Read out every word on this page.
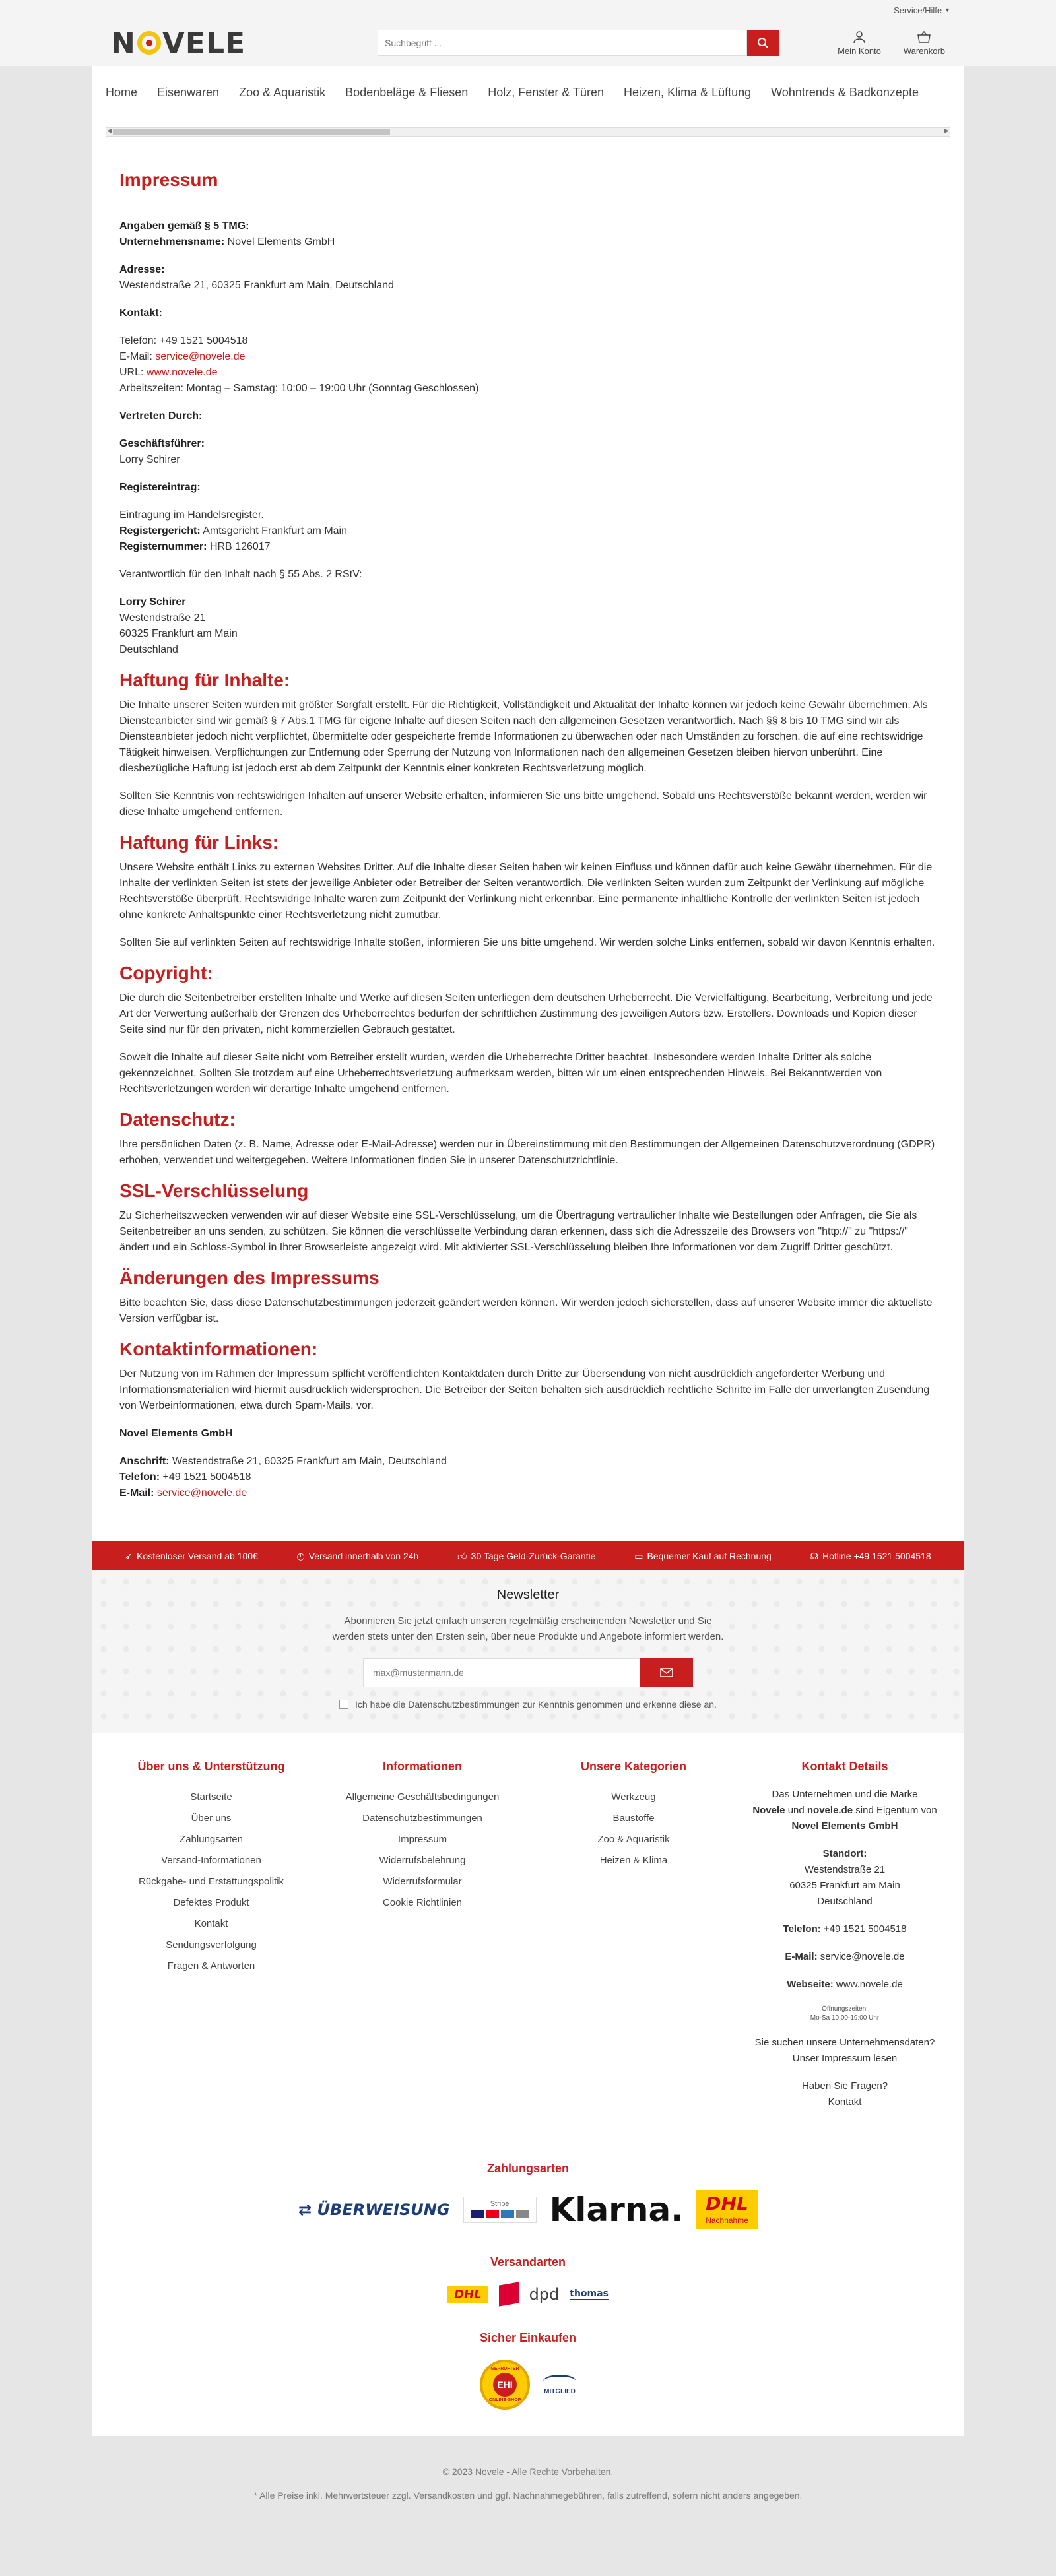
Service/Hilfe ▼
N VELE
Suchbegriff ...	Mein Konto	Warenkorb
Home Eisenwaren Zoo & Aquaristik Bodenbeläge & Fliesen Holz, Fenster & Türen Heizen, Klima & Lüftung Wohntrends & Badkonzepte
◀	▶
Impressum

Angaben gemäß § 5 TMG:
Unternehmensname: Novel Elements GmbH

Adresse:
Westendstraße 21, 60325 Frankfurt am Main, Deutschland

Kontakt:

Telefon: +49 1521 5004518
E-Mail: service@novele.de
URL: www.novele.de
Arbeitszeiten: Montag – Samstag: 10:00 – 19:00 Uhr (Sonntag Geschlossen)

Vertreten Durch:

Geschäftsführer:
Lorry Schirer

Registereintrag:

Eintragung im Handelsregister.
Registergericht: Amtsgericht Frankfurt am Main
Registernummer: HRB 126017

Verantwortlich für den Inhalt nach § 55 Abs. 2 RStV:

Lorry Schirer
Westendstraße 21
60325 Frankfurt am Main
Deutschland

Haftung für Inhalte:

Die Inhalte unserer Seiten wurden mit größter Sorgfalt erstellt. Für die Richtigkeit, Vollständigkeit und Aktualität der Inhalte können wir jedoch keine Gewähr übernehmen. Als Diensteanbieter sind wir gemäß § 7 Abs.1 TMG für eigene Inhalte auf diesen Seiten nach den allgemeinen Gesetzen verantwortlich. Nach §§ 8 bis 10 TMG sind wir als Diensteanbieter jedoch nicht verpflichtet, übermittelte oder gespeicherte fremde Informationen zu überwachen oder nach Umständen zu forschen, die auf eine rechtswidrige Tätigkeit hinweisen. Verpflichtungen zur Entfernung oder Sperrung der Nutzung von Informationen nach den allgemeinen Gesetzen bleiben hiervon unberührt. Eine diesbezügliche Haftung ist jedoch erst ab dem Zeitpunkt der Kenntnis einer konkreten Rechtsverletzung möglich.

Sollten Sie Kenntnis von rechtswidrigen Inhalten auf unserer Website erhalten, informieren Sie uns bitte umgehend. Sobald uns Rechtsverstöße bekannt werden, werden wir diese Inhalte umgehend entfernen.

Haftung für Links:

Unsere Website enthält Links zu externen Websites Dritter. Auf die Inhalte dieser Seiten haben wir keinen Einfluss und können dafür auch keine Gewähr übernehmen. Für die Inhalte der verlinkten Seiten ist stets der jeweilige Anbieter oder Betreiber der Seiten verantwortlich. Die verlinkten Seiten wurden zum Zeitpunkt der Verlinkung auf mögliche Rechtsverstöße überprüft. Rechtswidrige Inhalte waren zum Zeitpunkt der Verlinkung nicht erkennbar. Eine permanente inhaltliche Kontrolle der verlinkten Seiten ist jedoch ohne konkrete Anhaltspunkte einer Rechtsverletzung nicht zumutbar.

Sollten Sie auf verlinkten Seiten auf rechtswidrige Inhalte stoßen, informieren Sie uns bitte umgehend. Wir werden solche Links entfernen, sobald wir davon Kenntnis erhalten.

Copyright:

Die durch die Seitenbetreiber erstellten Inhalte und Werke auf diesen Seiten unterliegen dem deutschen Urheberrecht. Die Vervielfältigung, Bearbeitung, Verbreitung und jede Art der Verwertung außerhalb der Grenzen des Urheberrechtes bedürfen der schriftlichen Zustimmung des jeweiligen Autors bzw. Erstellers. Downloads und Kopien dieser Seite sind nur für den privaten, nicht kommerziellen Gebrauch gestattet.

Soweit die Inhalte auf dieser Seite nicht vom Betreiber erstellt wurden, werden die Urheberrechte Dritter beachtet. Insbesondere werden Inhalte Dritter als solche gekennzeichnet. Sollten Sie trotzdem auf eine Urheberrechtsverletzung aufmerksam werden, bitten wir um einen entsprechenden Hinweis. Bei Bekanntwerden von Rechtsverletzungen werden wir derartige Inhalte umgehend entfernen.

Datenschutz:

Ihre persönlichen Daten (z. B. Name, Adresse oder E-Mail-Adresse) werden nur in Übereinstimmung mit den Bestimmungen der Allgemeinen Datenschutzverordnung (GDPR) erhoben, verwendet und weitergegeben. Weitere Informationen finden Sie in unserer Datenschutzrichtlinie.

SSL-Verschlüsselung

Zu Sicherheitszwecken verwenden wir auf dieser Website eine SSL-Verschlüsselung, um die Übertragung vertraulicher Inhalte wie Bestellungen oder Anfragen, die Sie als Seitenbetreiber an uns senden, zu schützen. Sie können die verschlüsselte Verbindung daran erkennen, dass sich die Adresszeile des Browsers von "http://" zu "https://" ändert und ein Schloss-Symbol in Ihrer Browserleiste angezeigt wird. Mit aktivierter SSL-Verschlüsselung bleiben Ihre Informationen vor dem Zugriff Dritter geschützt.

Änderungen des Impressums

Bitte beachten Sie, dass diese Datenschutzbestimmungen jederzeit geändert werden können. Wir werden jedoch sicherstellen, dass auf unserer Website immer die aktuellste Version verfügbar ist.

Kontaktinformationen:

Der Nutzung von im Rahmen der Impressum splficht veröffentlichten Kontaktdaten durch Dritte zur Übersendung von nicht ausdrücklich angeforderter Werbung und Informationsmaterialien wird hiermit ausdrücklich widersprochen. Die Betreiber der Seiten behalten sich ausdrücklich rechtliche Schritte im Falle der unverlangten Zusendung von Werbeinformationen, etwa durch Spam-Mails, vor.

Novel Elements GmbH

Anschrift: Westendstraße 21, 60325 Frankfurt am Main, Deutschland
Telefon: +49 1521 5004518
E-Mail: service@novele.de

➶ Kostenloser Versand ab 100€	◷ Versand innerhalb von 24h	👍︎ 30 Tage Geld-Zurück-Garantie	▭ Bequemer Kauf auf Rechnung	☊ Hotline +49 1521 5004518
Newsletter

Abonnieren Sie jetzt einfach unseren regelmäßig erscheinenden Newsletter und Sie werden stets unter den Ersten sein, über neue Produkte und Angebote informiert werden.

max@mustermann.de
Ich habe die Datenschutzbestimmungen zur Kenntnis genommen und erkenne diese an.
Über uns & Unterstützung
Startseite
Über uns
Zahlungsarten
Versand-Informationen
Rückgabe- und Erstattungspolitik
Defektes Produkt
Kontakt
Sendungsverfolgung
Fragen & Antworten
Informationen
Allgemeine Geschäftsbedingungen
Datenschutzbestimmungen
Impressum
Widerrufsbelehrung
Widerrufsformular
Cookie Richtlinien
Unsere Kategorien
Werkzeug
Baustoffe
Zoo & Aquaristik
Heizen & Klima
Kontakt Details

Das Unternehmen und die Marke
Novele und novele.de sind Eigentum von
Novel Elements GmbH

Standort:
Westendstraße 21
60325 Frankfurt am Main
Deutschland

Telefon: +49 1521 5004518

E-Mail: service@novele.de

Webseite: www.novele.de

Öffnungszeiten:
Mo-Sa 10:00-19:00 Uhr

Sie suchen unsere Unternehmensdaten?
Unser Impressum lesen

Haben Sie Fragen?
Kontakt

Zahlungsarten
⇄ ÜBERWEISUNG	Stripe	Klarna.	DHL
Nachnahme
Versandarten
DHL	dpd thomas
Sicher Einkaufen
GEPRÜFTER
EHI
ONLINE-SHOP
MITGLIED
© 2023 Novele - Alle Rechte Vorbehalten.
* Alle Preise inkl. Mehrwertsteuer zzgl. Versandkosten und ggf. Nachnahmegebühren, falls zutreffend, sofern nicht anders angegeben.
